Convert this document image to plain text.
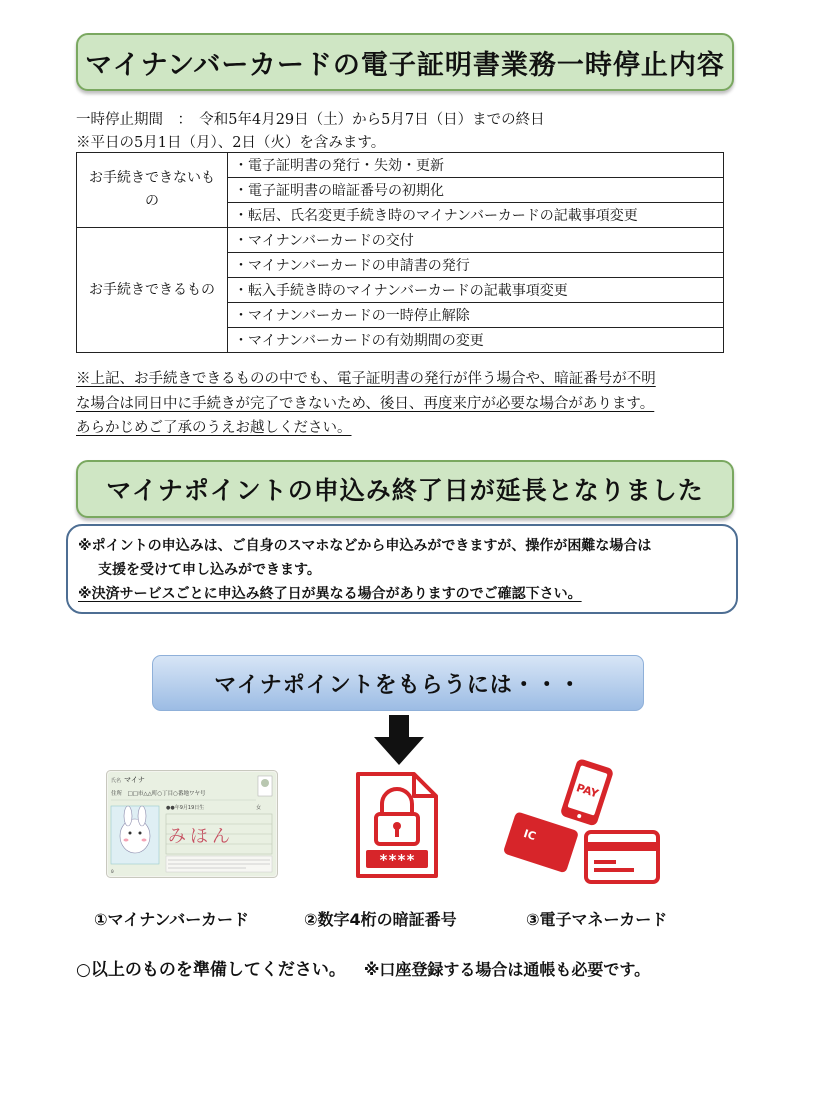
マイナンバーカードの電子証明書業務一時停止内容
一時停止期間　：　令和5年4月29日（土）から5月7日（日）までの終日
※平日の5月1日（月）、2日（火）を含みます。
お手続きできないもの	・電子証明書の発行・失効・更新
	・電子証明書の暗証番号の初期化
	・転居、氏名変更手続き時のマイナンバーカードの記載事項変更
お手続きできるもの	・マイナンバーカードの交付
	・マイナンバーカードの申請書の発行
	・転入手続き時のマイナンバーカードの記載事項変更
	・マイナンバーカードの一時停止解除
	・マイナンバーカードの有効期間の変更
※上記、お手続きできるものの中でも、電子証明書の発行が伴う場合や、暗証番号が不明
な場合は同日中に手続きが完了できないため、後日、再度来庁が必要な場合があります。
あらかじめご了承のうえお越しください。
マイナポイントの申込み終了日が延長となりました
※ポイントの申込みは、ご自身のスマホなどから申込みができますが、操作が困難な場合は
支援を受けて申し込みができます。
※決済サービスごとに申込み終了日が異なる場合がありますのでご確認下さい。
マイナポイントをもらうには・・・
氏名 マイナ
住所　□□市△△町○丁目○番地ワヤ号
●●年9月19日生	女
みほん
0
****
PAY
IC
①マイナンバーカード	②数字4桁の暗証番号	③電子マネーカード
○以上のものを準備してください。 ※口座登録する場合は通帳も必要です。
